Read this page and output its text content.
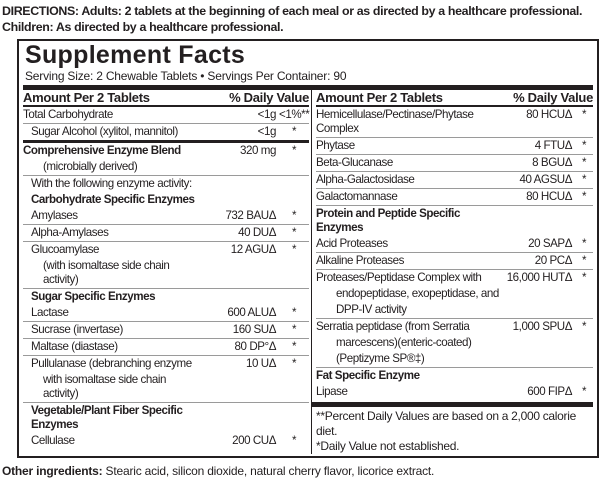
DIRECTIONS: Adults: 2 tablets at the beginning of each meal or as directed by a healthcare professional. Children: As directed by a healthcare professional.
Supplement Facts
Serving Size: 2 Chewable Tablets • Servings Per Container: 90
Amount Per 2 Tablets	% Daily Value
Total Carbohydrate	<1g <1%**
Sugar Alcohol (xylitol, mannitol)	<1g	*
Comprehensive Enzyme Blend	320 mg	*
(microbially derived)
With the following enzyme activity:
Carbohydrate Specific Enzymes
Amylases	732 BAUΔ	*
Alpha-Amylases	40 DUΔ	*
Glucoamylase	12 AGUΔ	*
(with isomaltase side chain activity)
Sugar Specific Enzymes
Lactase	600 ALUΔ	*
Sucrase (invertase)	160 SUΔ	*
Maltase (diastase)	80 DP°Δ	*
Pullulanase (debranching enzyme	10 UΔ	*
with isomaltase side chain activity)
Vegetable/Plant Fiber Specific Enzymes
Cellulase	200 CUΔ	*
Amount Per 2 Tablets	% Daily Value
Hemicellulase/Pectinase/Phytase Complex
80 HCUΔ *
Phytase	4 FTUΔ *
Beta-Glucanase	8 BGUΔ *
Alpha-Galactosidase	40 AGSUΔ *
Galactomannase	80 HCUΔ *
Protein and Peptide Specific Enzymes
Acid Proteases	20 SAPΔ *
Alkaline Proteases	20 PCΔ *
Proteases/Peptidase Complex with	16,000 HUTΔ *
endopeptidase, exopeptidase, and
DPP-IV activity
Serratia peptidase (from Serratia	1,000 SPUΔ *
marcescens)(enteric-coated)
(Peptizyme SP®‡)
Fat Specific Enzyme
Lipase	600 FIPΔ *
**Percent Daily Values are based on a 2,000 calorie diet.
*Daily Value not established.
Other ingredients: Stearic acid, silicon dioxide, natural cherry flavor, licorice extract.
